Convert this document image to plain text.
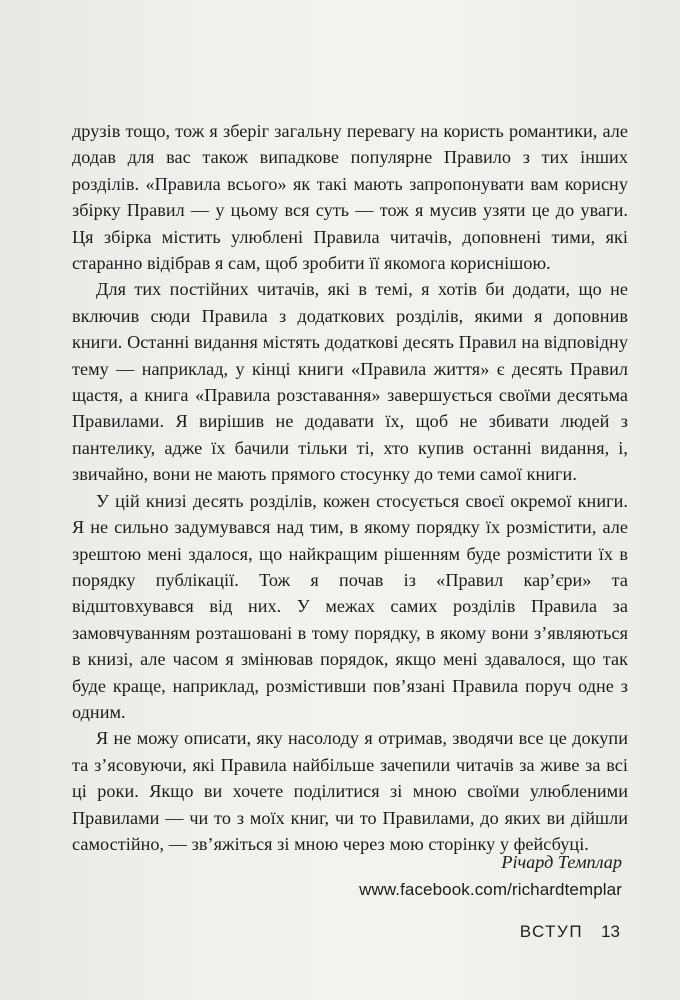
друзів тощо, тож я зберіг загальну перевагу на користь романтики, але додав для вас також випадкове популярне Правило з тих інших розділів. «Правила всього» як такі мають запропонувати вам корисну збірку Правил — у цьому вся суть — тож я мусив узяти це до уваги. Ця збірка містить улюблені Правила читачів, доповнені тими, які старанно відібрав я сам, щоб зробити її якомога кориснішою.

Для тих постійних читачів, які в темі, я хотів би додати, що не включив сюди Правила з додаткових розділів, якими я доповнив книги. Останні видання містять додаткові десять Правил на відповідну тему — наприклад, у кінці книги «Правила життя» є десять Правил щастя, а книга «Правила розставання» завершується своїми десятьма Правилами. Я вирішив не додавати їх, щоб не збивати людей з пантелику, адже їх бачили тільки ті, хто купив останні видання, і, звичайно, вони не мають прямого стосунку до теми самої книги.

У цій книзі десять розділів, кожен стосується своєї окремої книги. Я не сильно задумувався над тим, в якому порядку їх розмістити, але зрештою мені здалося, що найкращим рішенням буде розмістити їх в порядку публікації. Тож я почав із «Правил кар’єри» та відштовхувався від них. У межах самих розділів Правила за замовчуванням розташовані в тому порядку, в якому вони з’являються в книзі, але часом я змінював порядок, якщо мені здавалося, що так буде краще, наприклад, розмістивши пов’язані Правила поруч одне з одним.

Я не можу описати, яку насолоду я отримав, зводячи все це докупи та з’ясовуючи, які Правила найбільше зачепили читачів за живе за всі ці роки. Якщо ви хочете поділитися зі мною своїми улюбленими Правилами — чи то з моїх книг, чи то Правилами, до яких ви дійшли самостійно, — зв’яжіться зі мною через мою сторінку у фейсбуці.

Річард Темплар
www.facebook.com/richardtemplar
ВСТУП 13
